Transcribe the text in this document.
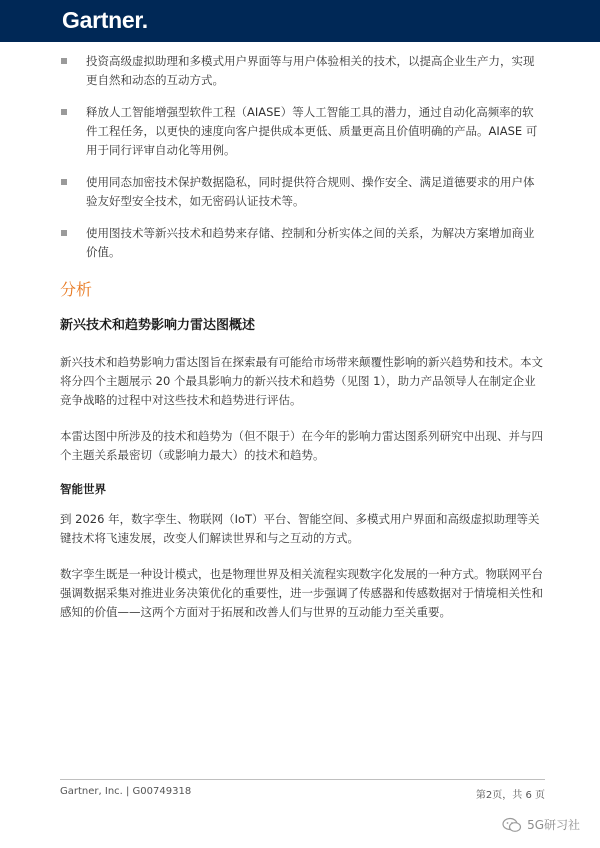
Gartner.
投资高级虚拟助理和多模式用户界面等与用户体验相关的技术，以提高企业生产力，实现更自然和动态的互动方式。
释放人工智能增强型软件工程（AIASE）等人工智能工具的潜力，通过自动化高频率的软件工程任务，以更快的速度向客户提供成本更低、质量更高且价值明确的产品。AIASE 可用于同行评审自动化等用例。
使用同态加密技术保护数据隐私，同时提供符合规则、操作安全、满足道德要求的用户体验友好型安全技术，如无密码认证技术等。
使用图技术等新兴技术和趋势来存储、控制和分析实体之间的关系，为解决方案增加商业价值。
分析
新兴技术和趋势影响力雷达图概述

新兴技术和趋势影响力雷达图旨在探索最有可能给市场带来颠覆性影响的新兴趋势和技术。本文将分四个主题展示 20 个最具影响力的新兴技术和趋势（见图 1），助力产品领导人在制定企业竞争战略的过程中对这些技术和趋势进行评估。

本雷达图中所涉及的技术和趋势为（但不限于）在今年的影响力雷达图系列研究中出现、并与四个主题关系最密切（或影响力最大）的技术和趋势。

智能世界

到 2026 年，数字孪生、物联网（IoT）平台、智能空间、多模式用户界面和高级虚拟助理等关键技术将飞速发展，改变人们解读世界和与之互动的方式。

数字孪生既是一种设计模式，也是物理世界及相关流程实现数字化发展的一种方式。物联网平台强调数据采集对推进业务决策优化的重要性，进一步强调了传感器和传感数据对于情境相关性和感知的价值——这两个方面对于拓展和改善人们与世界的互动能力至关重要。

Gartner, Inc. | G00749318	第2页，共 6 页
5G研习社
